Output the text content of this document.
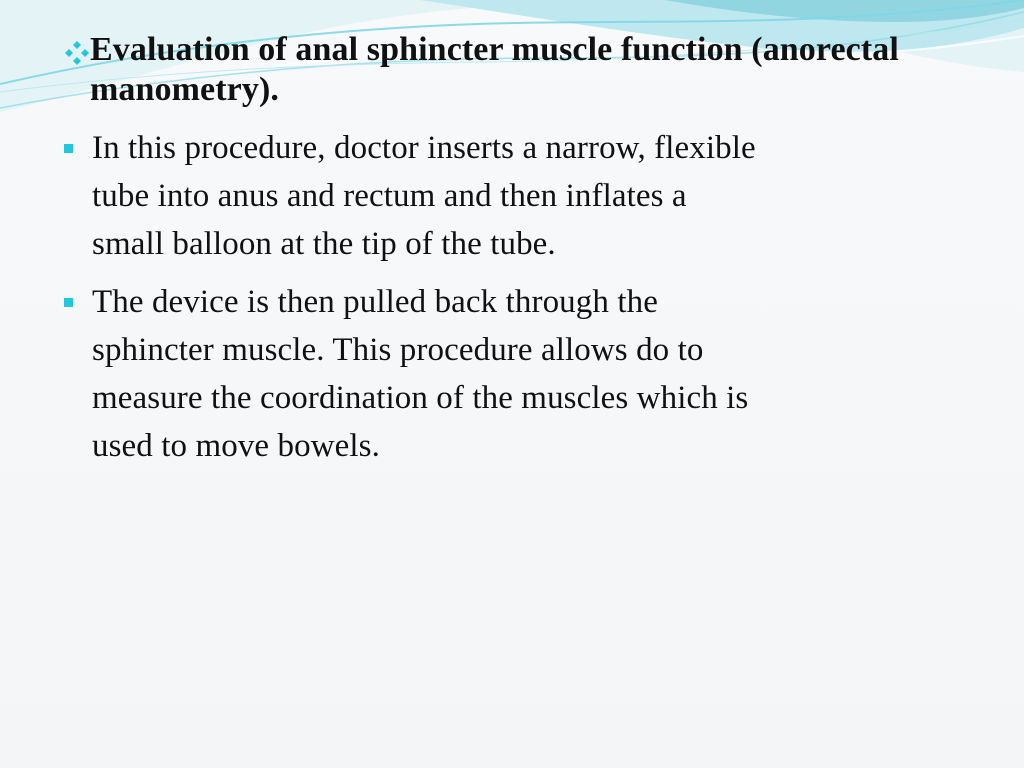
Evaluation of anal sphincter muscle function (anorectal manometry).
In this procedure, doctor inserts a narrow, flexible
tube into anus and rectum and then inflates a
small balloon at the tip of the tube.
The device is then pulled back through the
sphincter muscle. This procedure allows do to
measure the coordination of the muscles which is
used to move bowels.
